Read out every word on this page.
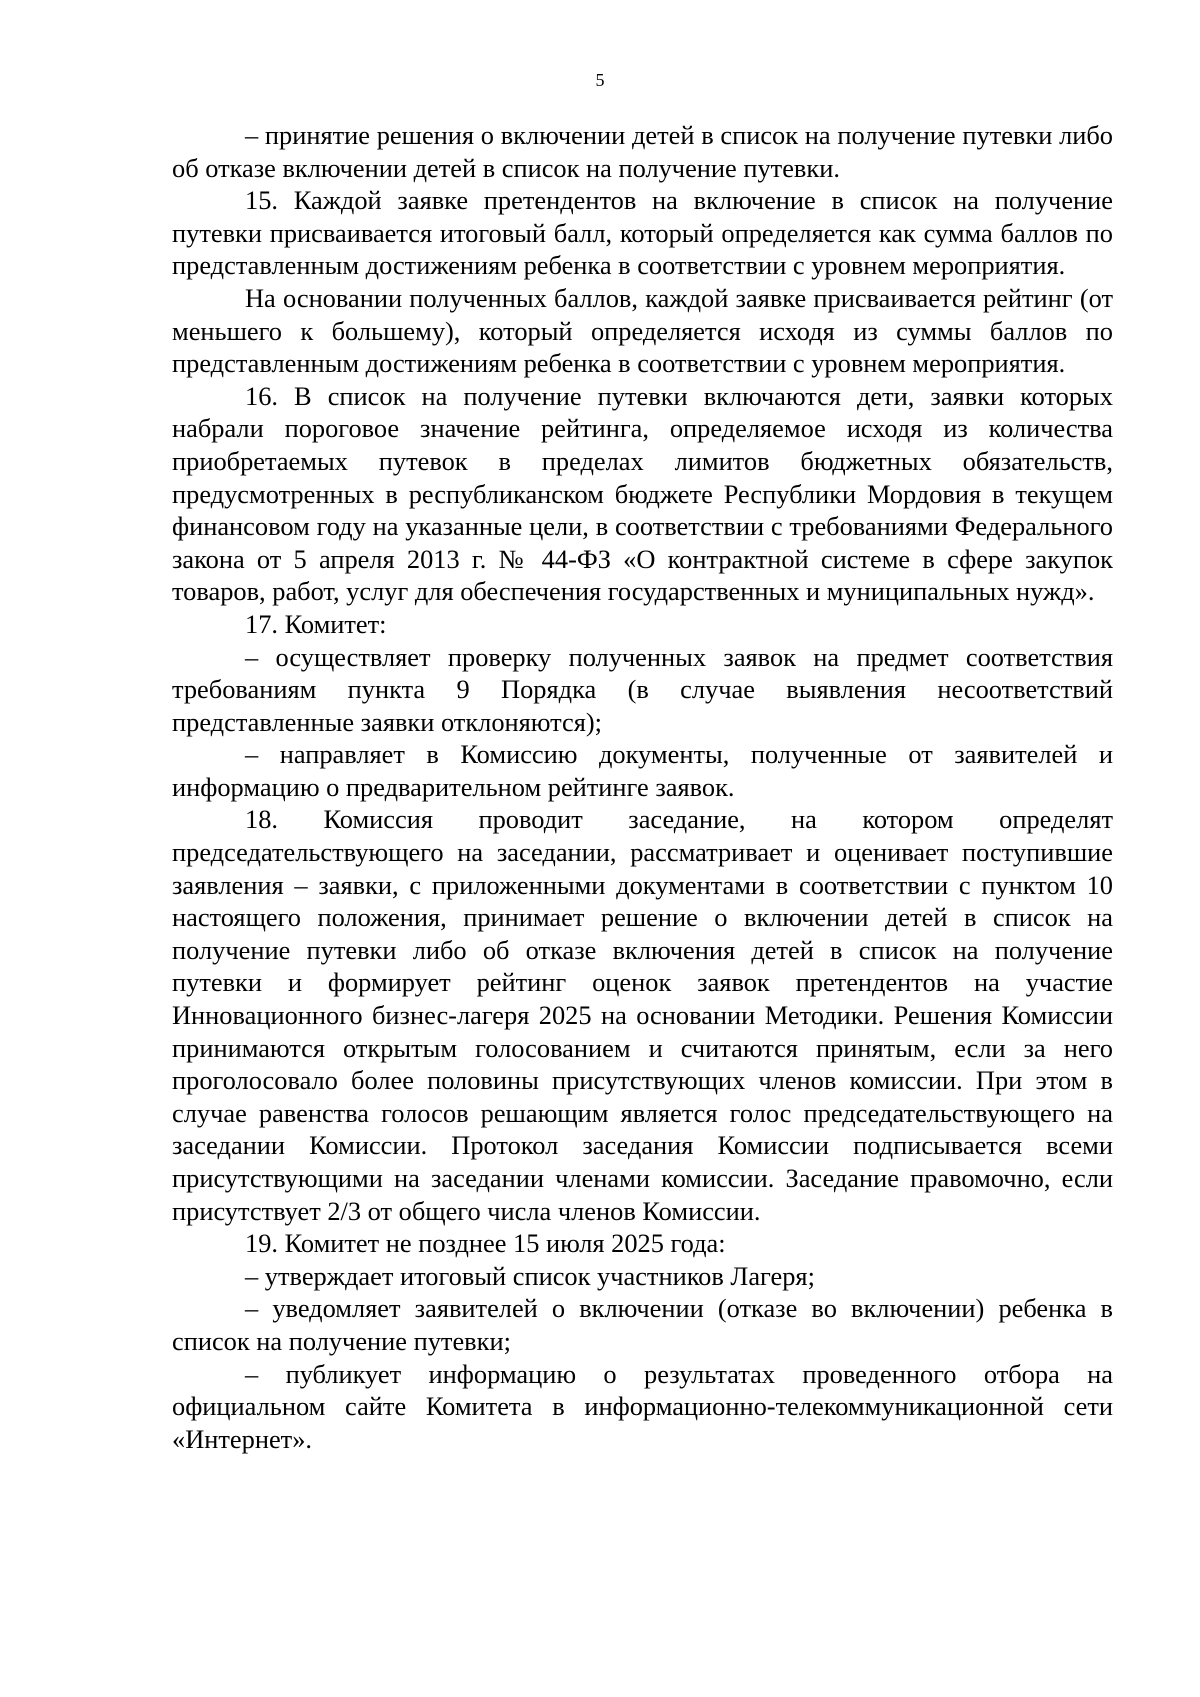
5

– принятие решения о включении детей в список на получение путевки либо об отказе включении детей в список на получение путевки.

15. Каждой заявке претендентов на включение в список на получение путевки присваивается итоговый балл, который определяется как сумма баллов по представленным достижениям ребенка в соответствии с уровнем мероприятия.

На основании полученных баллов, каждой заявке присваивается рейтинг (от меньшего к большему), который определяется исходя из суммы баллов по представленным достижениям ребенка в соответствии с уровнем мероприятия.

16. В список на получение путевки включаются дети, заявки которых набрали пороговое значение рейтинга, определяемое исходя из количества приобретаемых путевок в пределах лимитов бюджетных обязательств, предусмотренных в республиканском бюджете Республики Мордовия в текущем финансовом году на указанные цели, в соответствии с требованиями Федерального закона от 5 апреля 2013 г. № 44-ФЗ «О контрактной системе в сфере закупок товаров, работ, услуг для обеспечения государственных и муниципальных нужд».

17. Комитет:

– осуществляет проверку полученных заявок на предмет соответствия требованиям пункта 9 Порядка (в случае выявления несоответствий представленные заявки отклоняются);

– направляет в Комиссию документы, полученные от заявителей и информацию о предварительном рейтинге заявок.

18. Комиссия проводит заседание, на котором определят председательствующего на заседании, рассматривает и оценивает поступившие заявления – заявки, с приложенными документами в соответствии с пунктом 10 настоящего положения, принимает решение о включении детей в список на получение путевки либо об отказе включения детей в список на получение путевки и формирует рейтинг оценок заявок претендентов на участие Инновационного бизнес-лагеря 2025 на основании Методики. Решения Комиссии принимаются открытым голосованием и считаются принятым, если за него проголосовало более половины присутствующих членов комиссии. При этом в случае равенства голосов решающим является голос председательствующего на заседании Комиссии. Протокол заседания Комиссии подписывается всеми присутствующими на заседании членами комиссии. Заседание правомочно, если присутствует 2/3 от общего числа членов Комиссии.

19. Комитет не позднее 15 июля 2025 года:

– утверждает итоговый список участников Лагеря;

– уведомляет заявителей о включении (отказе во включении) ребенка в список на получение путевки;

– публикует информацию о результатах проведенного отбора на официальном сайте Комитета в информационно-телекоммуникационной сети «Интернет».
